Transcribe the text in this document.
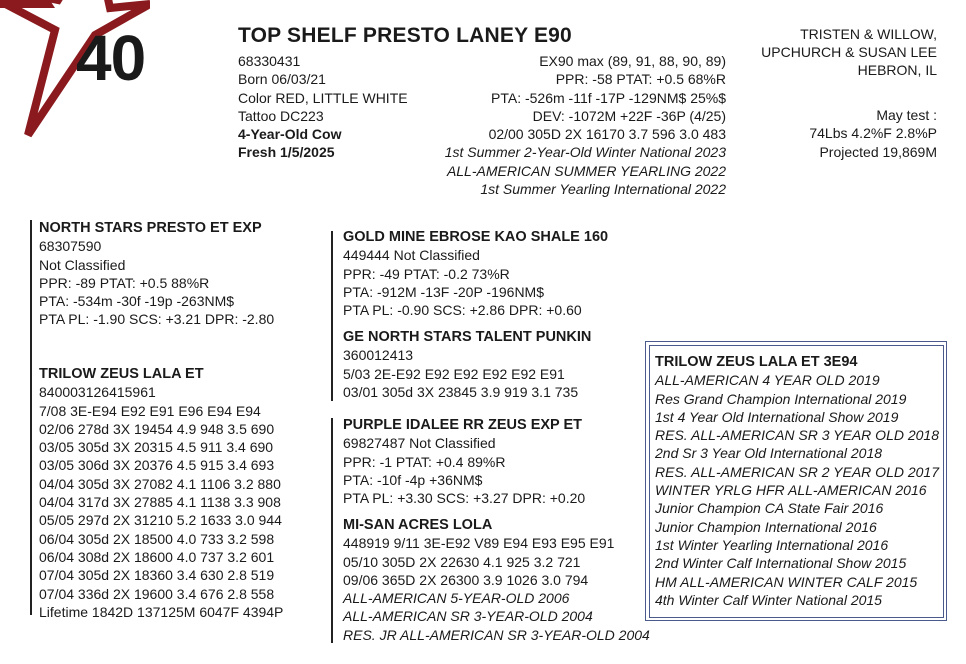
40	TOP SHELF PRESTO LANEY E90
68330431
Born 06/03/21
Color RED, LITTLE WHITE
Tattoo DC223
4-Year-Old Cow
Fresh 1/5/2025
EX90 max (89, 91, 88, 90, 89)
PPR: -58 PTAT: +0.5 68%R
PTA: -526m -11f -17P -129NM$ 25%$
DEV: -1072M +22F -36P (4/25)
02/00 305D 2X 16170 3.7 596 3.0 483
1st Summer 2-Year-Old Winter National 2023
ALL-AMERICAN SUMMER YEARLING 2022
1st Summer Yearling International 2022
TRISTEN & WILLOW,
UPCHURCH & SUSAN LEE
HEBRON, IL
May test :
74Lbs 4.2%F 2.8%P
Projected 19,869M
NORTH STARS PRESTO ET EXP
68307590
Not Classified
PPR: -89 PTAT: +0.5 88%R
PTA: -534m -30f -19p -263NM$
PTA PL: -1.90 SCS: +3.21 DPR: -2.80
TRILOW ZEUS LALA ET
840003126415961
7/08 3E-E94 E92 E91 E96 E94 E94
02/06 278d 3X 19454 4.9 948 3.5 690
03/05 305d 3X 20315 4.5 911 3.4 690
03/05 306d 3X 20376 4.5 915 3.4 693
04/04 305d 3X 27082 4.1 1106 3.2 880
04/04 317d 3X 27885 4.1 1138 3.3 908
05/05 297d 2X 31210 5.2 1633 3.0 944
06/04 305d 2X 18500 4.0 733 3.2 598
06/04 308d 2X 18600 4.0 737 3.2 601
07/04 305d 2X 18360 3.4 630 2.8 519
07/04 336d 2X 19600 3.4 676 2.8 558
Lifetime 1842D 137125M 6047F 4394P
GOLD MINE EBROSE KAO SHALE 160
449444 Not Classified
PPR: -49 PTAT: -0.2 73%R
PTA: -912M -13F -20P -196NM$
PTA PL: -0.90 SCS: +2.86 DPR: +0.60
GE NORTH STARS TALENT PUNKIN
360012413
5/03 2E-E92 E92 E92 E92 E92 E91
03/01 305d 3X 23845 3.9 919 3.1 735
PURPLE IDALEE RR ZEUS EXP ET
69827487 Not Classified
PPR: -1 PTAT: +0.4 89%R
PTA: -10f -4p +36NM$
PTA PL: +3.30 SCS: +3.27 DPR: +0.20
MI-SAN ACRES LOLA
448919 9/11 3E-E92 V89 E94 E93 E95 E91
05/10 305D 2X 22630 4.1 925 3.2 721
09/06 365D 2X 26300 3.9 1026 3.0 794
ALL-AMERICAN 5-YEAR-OLD 2006
ALL-AMERICAN SR 3-YEAR-OLD 2004
RES. JR ALL-AMERICAN SR 3-YEAR-OLD 2004
TRILOW ZEUS LALA ET 3E94
ALL-AMERICAN 4 YEAR OLD 2019
Res Grand Champion International 2019
1st 4 Year Old International Show 2019
RES. ALL-AMERICAN SR 3 YEAR OLD 2018
2nd Sr 3 Year Old International 2018
RES. ALL-AMERICAN SR 2 YEAR OLD 2017
WINTER YRLG HFR ALL-AMERICAN 2016
Junior Champion CA State Fair 2016
Junior Champion International 2016
1st Winter Yearling International 2016
2nd Winter Calf International Show 2015
HM ALL-AMERICAN WINTER CALF 2015
4th Winter Calf Winter National 2015
